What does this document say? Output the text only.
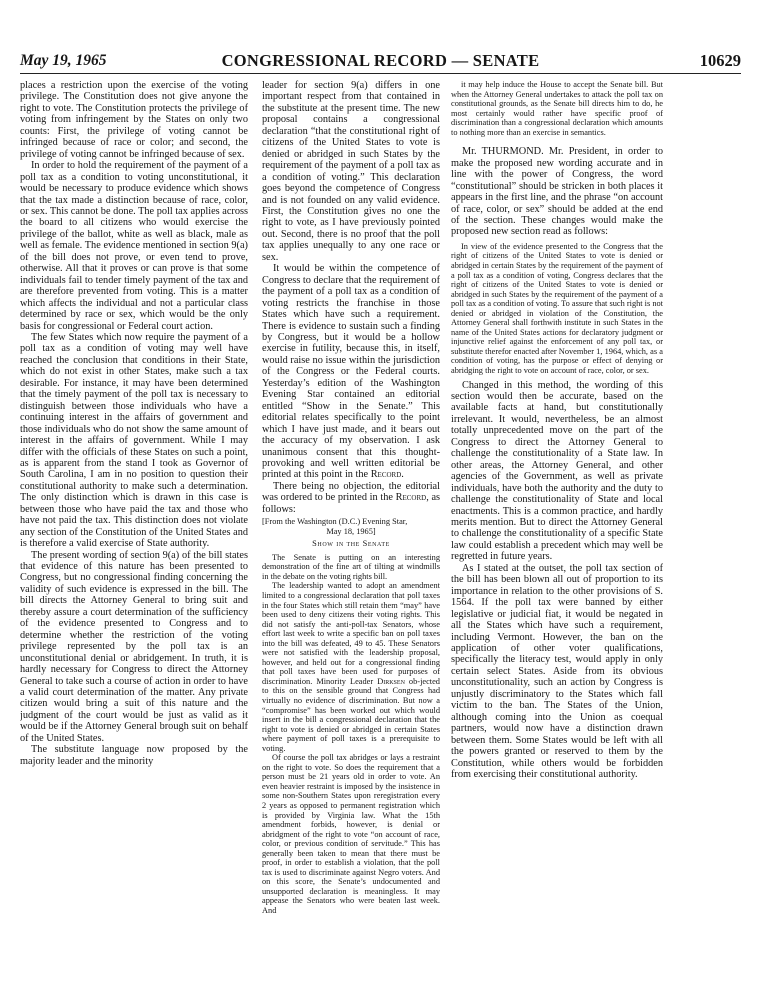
May 19, 1965	CONGRESSIONAL RECORD — SENATE	10629

places a restriction upon the exercise of the voting privilege. The Constitution does not give anyone the right to vote. The Constitution protects the privilege of voting from infringement by the States on only two counts: First, the privilege of voting cannot be infringed because of race or color; and second, the privilege of voting cannot be infringed because of sex.

In order to hold the requirement of the payment of a poll tax as a condition to voting unconstitutional, it would be necessary to produce evidence which shows that the tax made a distinction because of race, color, or sex. This cannot be done. The poll tax applies across the board to all citizens who would exercise the privilege of the ballot, white as well as black, male as well as female. The evidence mentioned in section 9(a) of the bill does not prove, or even tend to prove, otherwise. All that it proves or can prove is that some individuals fail to tender timely payment of the tax and are therefore prevented from voting. This is a matter which affects the individual and not a particular class determined by race or sex, which would be the only basis for congressional or Federal court action.

The few States which now require the payment of a poll tax as a condition of voting may well have reached the conclusion that conditions in their State, which do not exist in other States, make such a tax desirable. For instance, it may have been determined that the timely payment of the poll tax is necessary to distinguish between those individuals who have a continuing interest in the affairs of government and those individuals who do not show the same amount of interest in the affairs of government. While I may differ with the officials of these States on such a point, as is apparent from the stand I took as Governor of South Carolina, I am in no position to question their constitutional authority to make such a determination. The only distinction which is drawn in this case is between those who have paid the tax and those who have not paid the tax. This distinction does not violate any section of the Constitution of the United States and is therefore a valid exercise of State authority.

The present wording of section 9(a) of the bill states that evidence of this nature has been presented to Congress, but no congressional finding concerning the validity of such evidence is expressed in the bill. The bill directs the Attorney General to bring suit and thereby assure a court determination of the sufficiency of the evidence presented to Congress and to determine whether the restriction of the voting privilege represented by the poll tax is an unconstitutional denial or abridgement. In truth, it is hardly necessary for Congress to direct the Attorney General to take such a course of action in order to have a valid court determination of the matter. Any private citizen would bring a suit of this nature and the judgment of the court would be just as valid as it would be if the Attorney General brough suit on behalf of the United States.

The substitute language now proposed by the majority leader and the minority

leader for section 9(a) differs in one important respect from that contained in the substitute at the present time. The new proposal contains a congressional declaration “that the constitutional right of citizens of the United States to vote is denied or abridged in such States by the requirement of the payment of a poll tax as a condition of voting.” This declaration goes beyond the competence of Congress and is not founded on any valid evidence. First, the Constitution gives no one the right to vote, as I have previously pointed out. Second, there is no proof that the poll tax applies unequally to any one race or sex.

It would be within the competence of Congress to declare that the requirement of the payment of a poll tax as a condition of voting restricts the franchise in those States which have such a requirement. There is evidence to sustain such a finding by Congress, but it would be a hollow exercise in futility, because this, in itself, would raise no issue within the jurisdiction of the Congress or the Federal courts. Yesterday’s edition of the Washington Evening Star contained an editorial entitled “Show in the Senate.” This editorial relates specifically to the point which I have just made, and it bears out the accuracy of my observation. I ask unanimous consent that this thought-provoking and well written editorial be printed at this point in the Record.

There being no objection, the editorial was ordered to be printed in the Record, as follows:

[From the Washington (D.C.) Evening Star,
May 18, 1965]

Show in the Senate

The Senate is putting on an interesting demonstration of the fine art of tilting at windmills in the debate on the voting rights bill.

The leadership wanted to adopt an amendment limited to a congressional declaration that poll taxes in the four States which still retain them “may” have been used to deny citizens their voting rights. This did not satisfy the anti-poll-tax Senators, whose effort last week to write a specific ban on poll taxes into the bill was defeated, 49 to 45. These Senators were not satisfied with the leadership proposal, however, and held out for a congressional finding that poll taxes have been used for purposes of discrimination. Minority Leader Dirksen ob-jected to this on the sensible ground that Congress had virtually no evidence of discrimination. But now a “compromise” has been worked out which would insert in the bill a congressional declaration that the right to vote is denied or abridged in certain States where payment of poll taxes is a prerequisite to voting.

Of course the poll tax abridges or lays a restraint on the right to vote. So does the requirement that a person must be 21 years old in order to vote. An even heavier restraint is imposed by the insistence in some non-Southern States upon reregistration every 2 years as opposed to permanent registration which is provided by Virginia law. What the 15th amendment forbids, however, is denial or abridgment of the right to vote “on account of race, color, or previous condition of servitude.” This has generally been taken to mean that there must be proof, in order to establish a violation, that the poll tax is used to discriminate against Negro voters. And on this score, the Senate’s undocumented and unsupported declaration is meaningless. It may appease the Senators who were beaten last week. And

it may help induce the House to accept the Senate bill. But when the Attorney General undertakes to attack the poll tax on constitutional grounds, as the Senate bill directs him to do, he most certainly would rather have specific proof of discrimination than a congressional declaration which amounts to nothing more than an exercise in semantics.

Mr. THURMOND. Mr. President, in order to make the proposed new wording accurate and in line with the power of Congress, the word “constitutional” should be stricken in both places it appears in the first line, and the phrase “on account of race, color, or sex” should be added at the end of the section. These changes would make the proposed new section read as follows:

In view of the evidence presented to the Congress that the right of citizens of the United States to vote is denied or abridged in certain States by the requirement of the payment of a poll tax as a condition of voting, Congress declares that the right of citizens of the United States to vote is denied or abridged in such States by the requirement of the payment of a poll tax as a condition of voting. To assure that such right is not denied or abridged in violation of the Constitution, the Attorney General shall forthwith institute in such States in the name of the United States actions for declaratory judgment or injunctive relief against the enforcement of any poll tax, or substitute therefor enacted after November 1, 1964, which, as a condition of voting, has the purpose or effect of denying or abridging the right to vote on account of race, color, or sex.

Changed in this method, the wording of this section would then be accurate, based on the available facts at hand, but constitutionally irrelevant. It would, nevertheless, be an almost totally unprecedented move on the part of the Congress to direct the Attorney General to challenge the constitutionality of a State law. In other areas, the Attorney General, and other agencies of the Government, as well as private individuals, have both the authority and the duty to challenge the constitutionality of State and local enactments. This is a common practice, and hardly merits mention. But to direct the Attorney General to challenge the constitutionality of a specific State law could establish a precedent which may well be regretted in future years.

As I stated at the outset, the poll tax section of the bill has been blown all out of proportion to its importance in relation to the other provisions of S. 1564. If the poll tax were banned by either legislative or judicial fiat, it would be negated in all the States which have such a requirement, including Vermont. However, the ban on the application of other voter qualifications, specifically the literacy test, would apply in only certain select States. Aside from its obvious unconstitutionality, such an action by Congress is unjustly discriminatory to the States which fall victim to the ban. The States of the Union, although coming into the Union as coequal partners, would now have a distinction drawn between them. Some States would be left with all the powers granted or reserved to them by the Constitution, while others would be forbidden from exercising their constitutional authority.
